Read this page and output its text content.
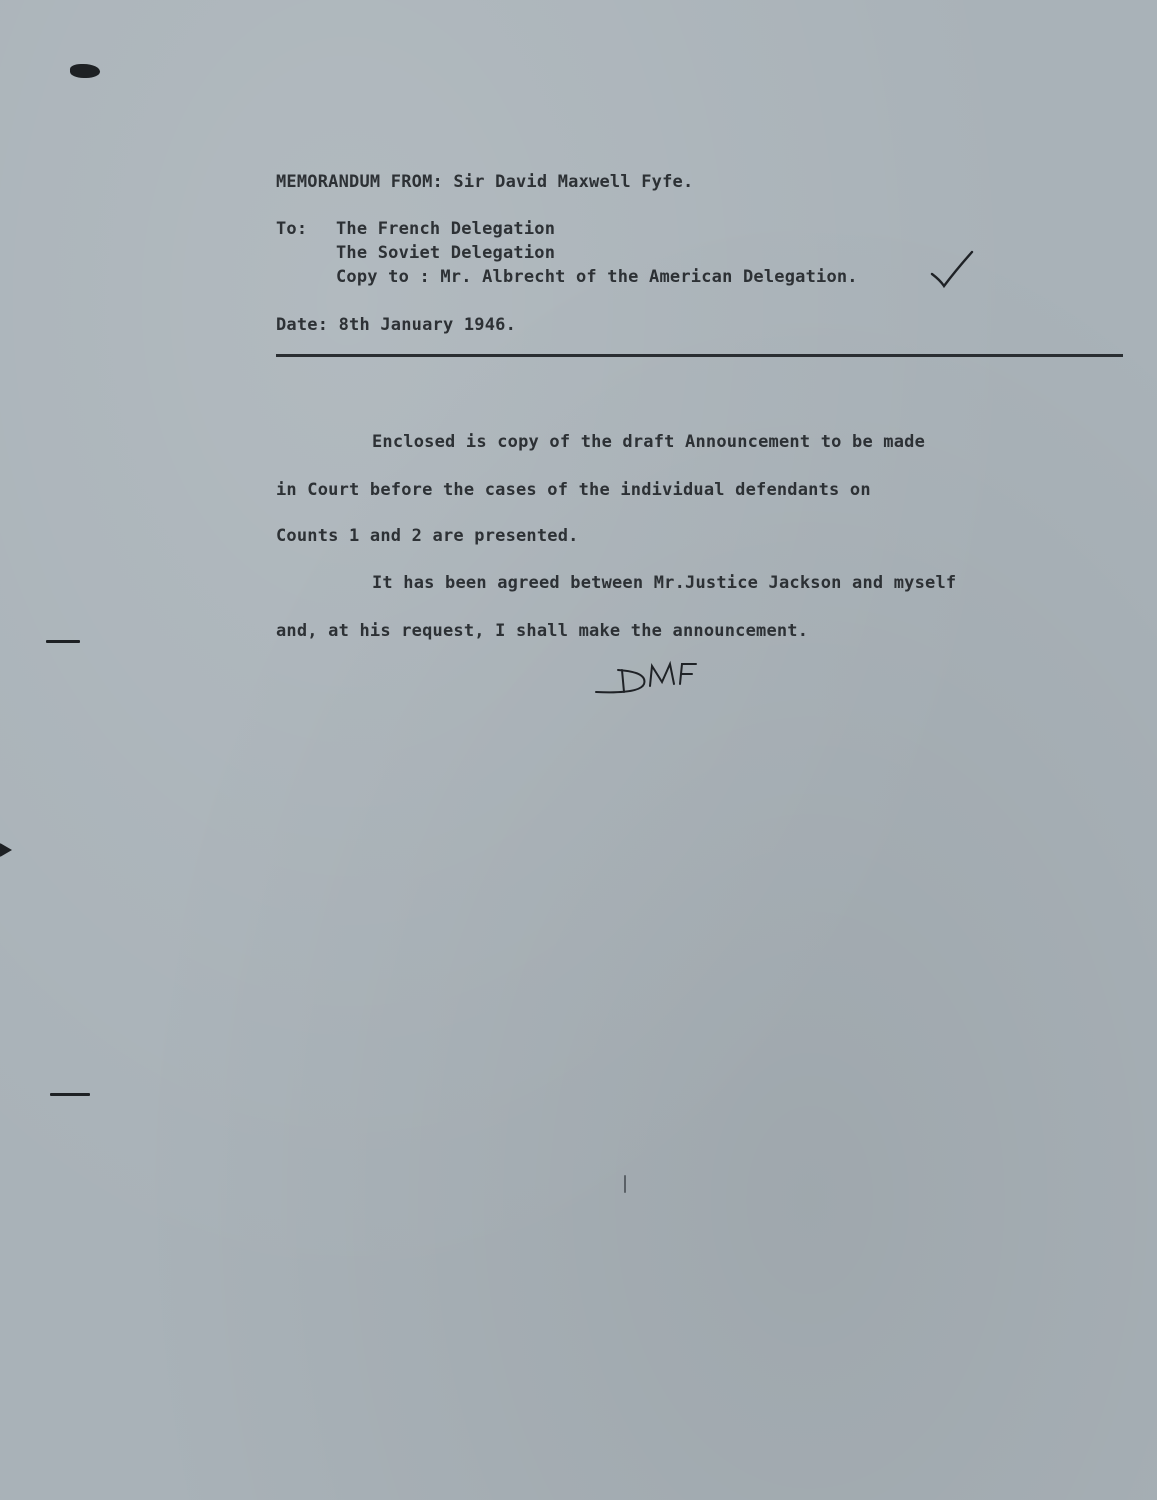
MEMORANDUM FROM: Sir David Maxwell Fyfe.
To: The French Delegation
The Soviet Delegation
Copy to : Mr. Albrecht of the American Delegation.
Date: 8th January 1946.
Enclosed is copy of the draft Announcement to be made
in Court before the cases of the individual defendants on
Counts 1 and 2 are presented.
It has been agreed between Mr.Justice Jackson and myself
and, at his request, I shall make the announcement.
